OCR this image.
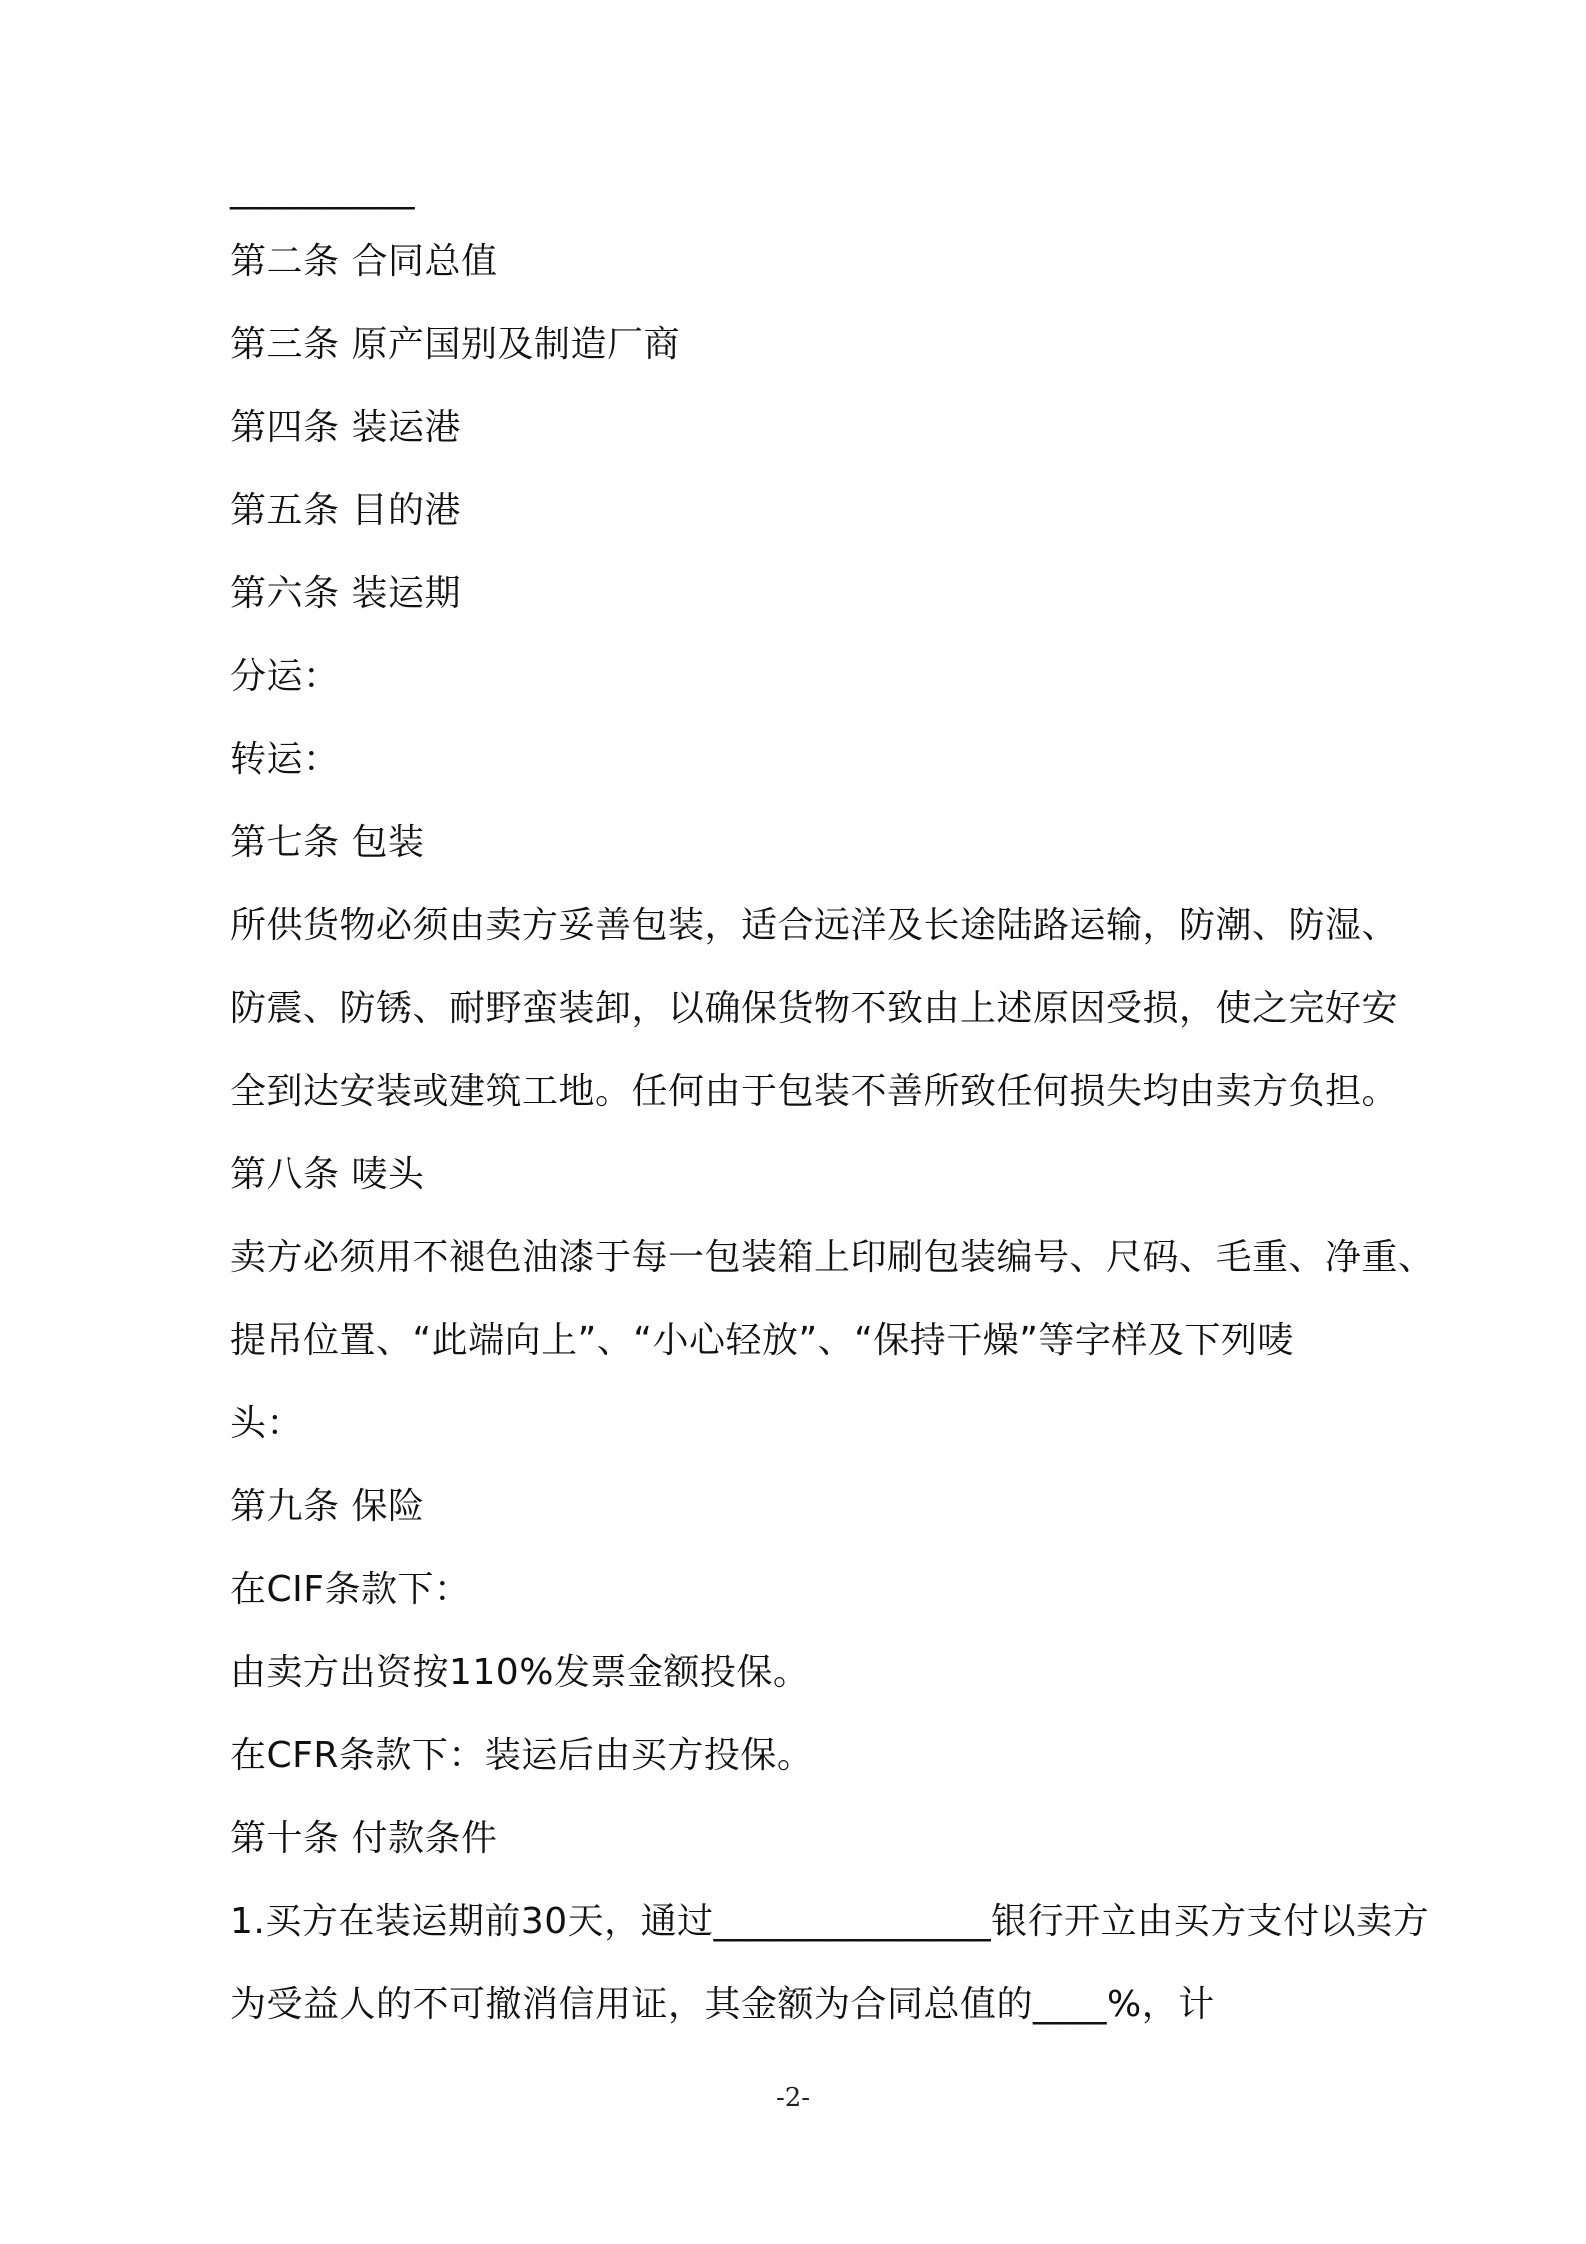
__________
第二条 合同总值
第三条 原产国别及制造厂商
第四条 装运港
第五条 目的港
第六条 装运期
分运：
转运：
第七条 包装
所供货物必须由卖方妥善包装，适合远洋及长途陆路运输，防潮、防湿、
防震、防锈、耐野蛮装卸，以确保货物不致由上述原因受损，使之完好安
全到达安装或建筑工地。任何由于包装不善所致任何损失均由卖方负担。
第八条 唛头
卖方必须用不褪色油漆于每一包装箱上印刷包装编号、尺码、毛重、净重、
提吊位置、“此端向上”、“小心轻放”、“保持干燥”等字样及下列唛
头：
第九条 保险
在CIF条款下：
由卖方出资按110%发票金额投保。
在CFR条款下：装运后由买方投保。
第十条 付款条件
1.买方在装运期前30天，通过_______________银行开立由买方支付以卖方
为受益人的不可撤消信用证，其金额为合同总值的____%，计
-2-
